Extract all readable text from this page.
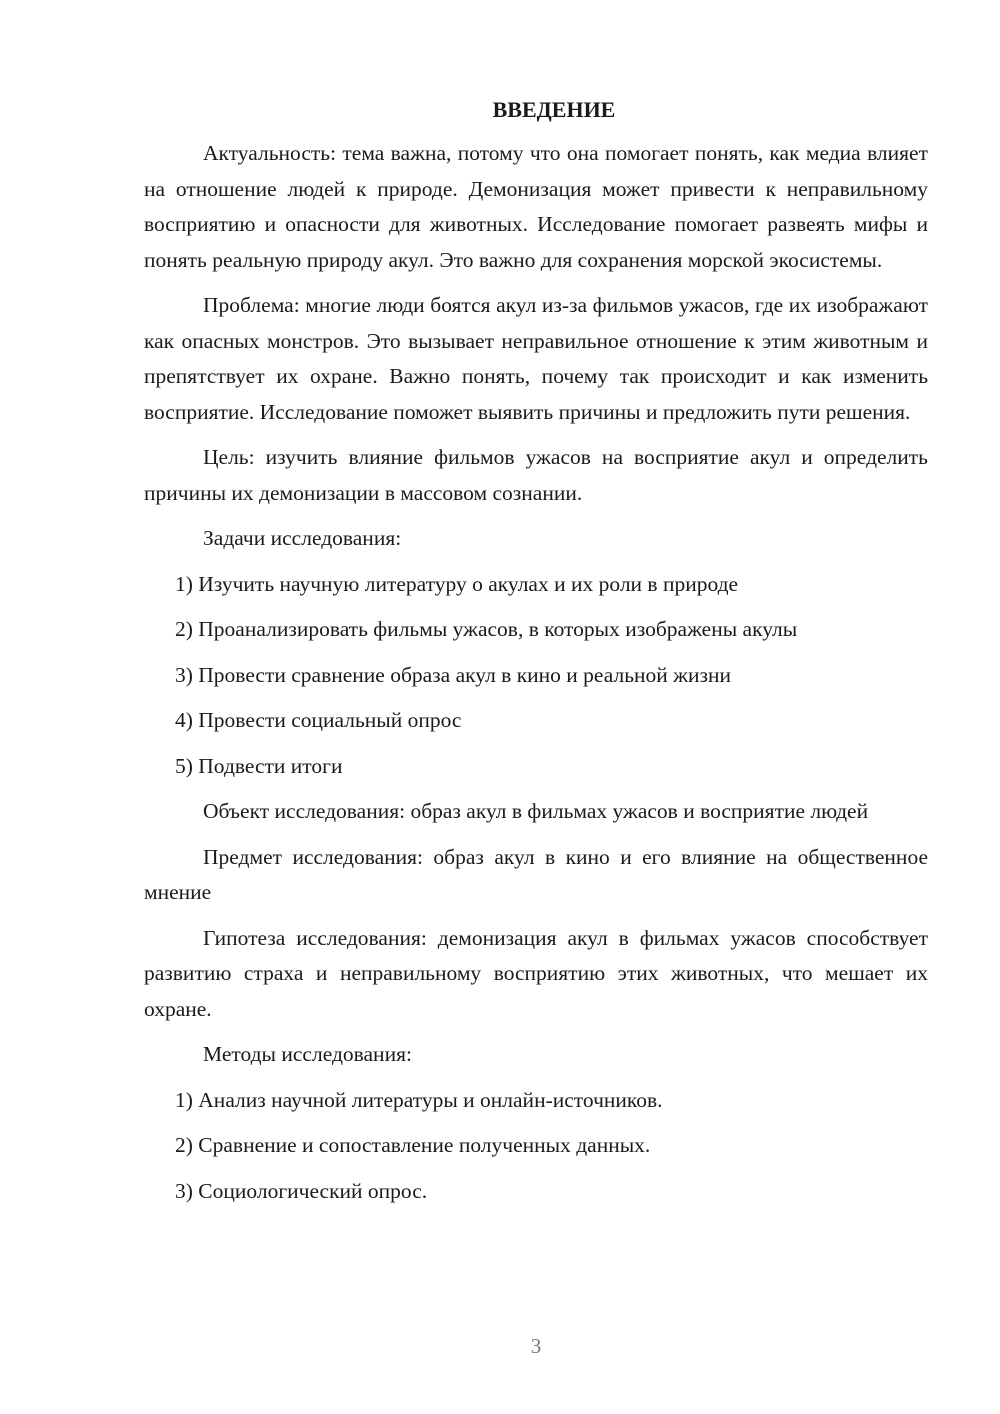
ВВЕДЕНИЕ

Актуальность: тема важна, потому что она помогает понять, как медиа влияет на отношение людей к природе. Демонизация может привести к неправильному восприятию и опасности для животных. Исследование помогает развеять мифы и понять реальную природу акул. Это важно для сохранения морской экосистемы.

Проблема: многие люди боятся акул из-за фильмов ужасов, где их изображают как опасных монстров. Это вызывает неправильное отношение к этим животным и препятствует их охране. Важно понять, почему так происходит и как изменить восприятие. Исследование поможет выявить причины и предложить пути решения.

Цель: изучить влияние фильмов ужасов на восприятие акул и определить причины их демонизации в массовом сознании.

Задачи исследования:

1) Изучить научную литературу о акулах и их роли в природе
2) Проанализировать фильмы ужасов, в которых изображены акулы
3) Провести сравнение образа акул в кино и реальной жизни
4) Провести социальный опрос
5) Подвести итоги

Объект исследования: образ акул в фильмах ужасов и восприятие людей

Предмет исследования: образ акул в кино и его влияние на общественное мнение

Гипотеза исследования: демонизация акул в фильмах ужасов способствует развитию страха и неправильному восприятию этих животных, что мешает их охране.

Методы исследования:

1) Анализ научной литературы и онлайн-источников.
2) Сравнение и сопоставление полученных данных.
3) Социологический опрос.
3
